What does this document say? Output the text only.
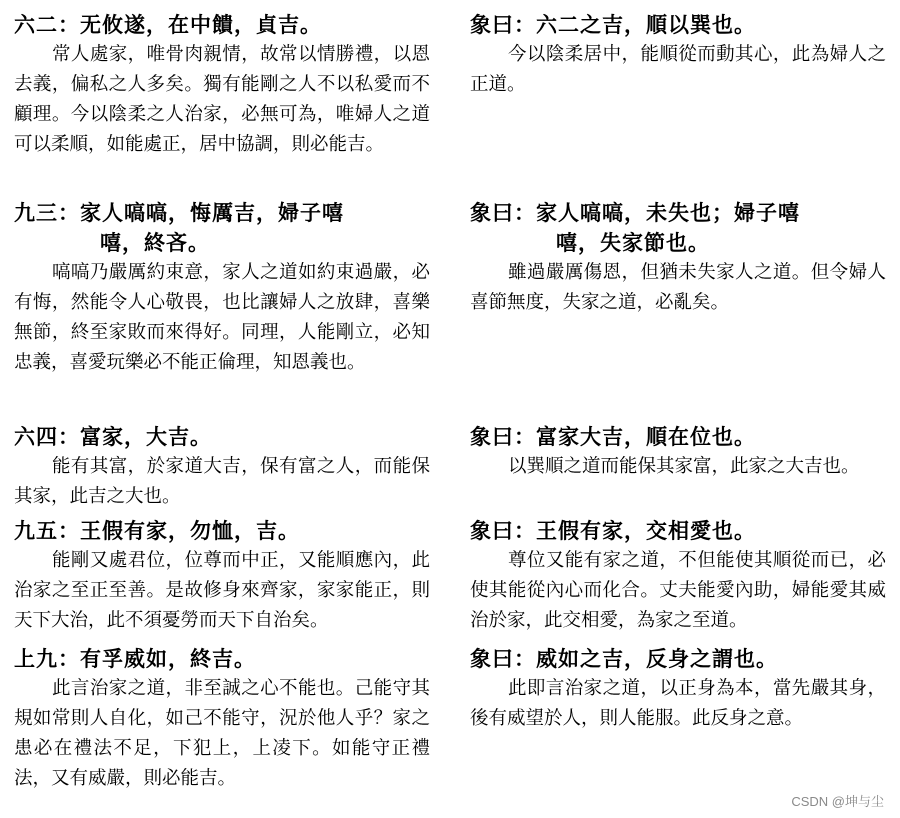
六二：无攸遂，在中饋，貞吉。

常人處家，唯骨肉親情，故常以情勝禮，以恩去義，偏私之人多矣。獨有能剛之人不以私愛而不顧理。今以陰柔之人治家，必無可為，唯婦人之道可以柔順，如能處正，居中協調，則必能吉。

九三：家人嗃嗃，悔厲吉，婦子嘻
嘻，終吝。

嗃嗃乃嚴厲約束意，家人之道如約束過嚴，必有悔，然能令人心敬畏，也比讓婦人之放肆，喜樂無節，終至家敗而來得好。同理，人能剛立，必知忠義，喜愛玩樂必不能正倫理，知恩義也。

六四：富家，大吉。

能有其富，於家道大吉，保有富之人，而能保其家，此吉之大也。

九五：王假有家，勿恤，吉。

能剛又處君位，位尊而中正，又能順應內，此治家之至正至善。是故修身來齊家，家家能正，則天下大治，此不須憂勞而天下自治矣。

上九：有孚威如，終吉。

此言治家之道，非至誠之心不能也。己能守其規如常則人自化，如己不能守，況於他人乎？家之患必在禮法不足，下犯上，上凌下。如能守正禮法，又有威嚴，則必能吉。

象曰：六二之吉，順以巽也。

今以陰柔居中，能順從而動其心，此為婦人之正道。

象曰：家人嗃嗃，未失也；婦子嘻
嘻，失家節也。

雖過嚴厲傷恩，但猶未失家人之道。但令婦人喜節無度，失家之道，必亂矣。

象曰：富家大吉，順在位也。

以巽順之道而能保其家富，此家之大吉也。

象曰：王假有家，交相愛也。

尊位又能有家之道，不但能使其順從而已，必使其能從內心而化合。丈夫能愛內助，婦能愛其威治於家，此交相愛，為家之至道。

象曰：威如之吉，反身之謂也。

此即言治家之道，以正身為本，當先嚴其身，後有威望於人，則人能服。此反身之意。

CSDN @坤与尘
